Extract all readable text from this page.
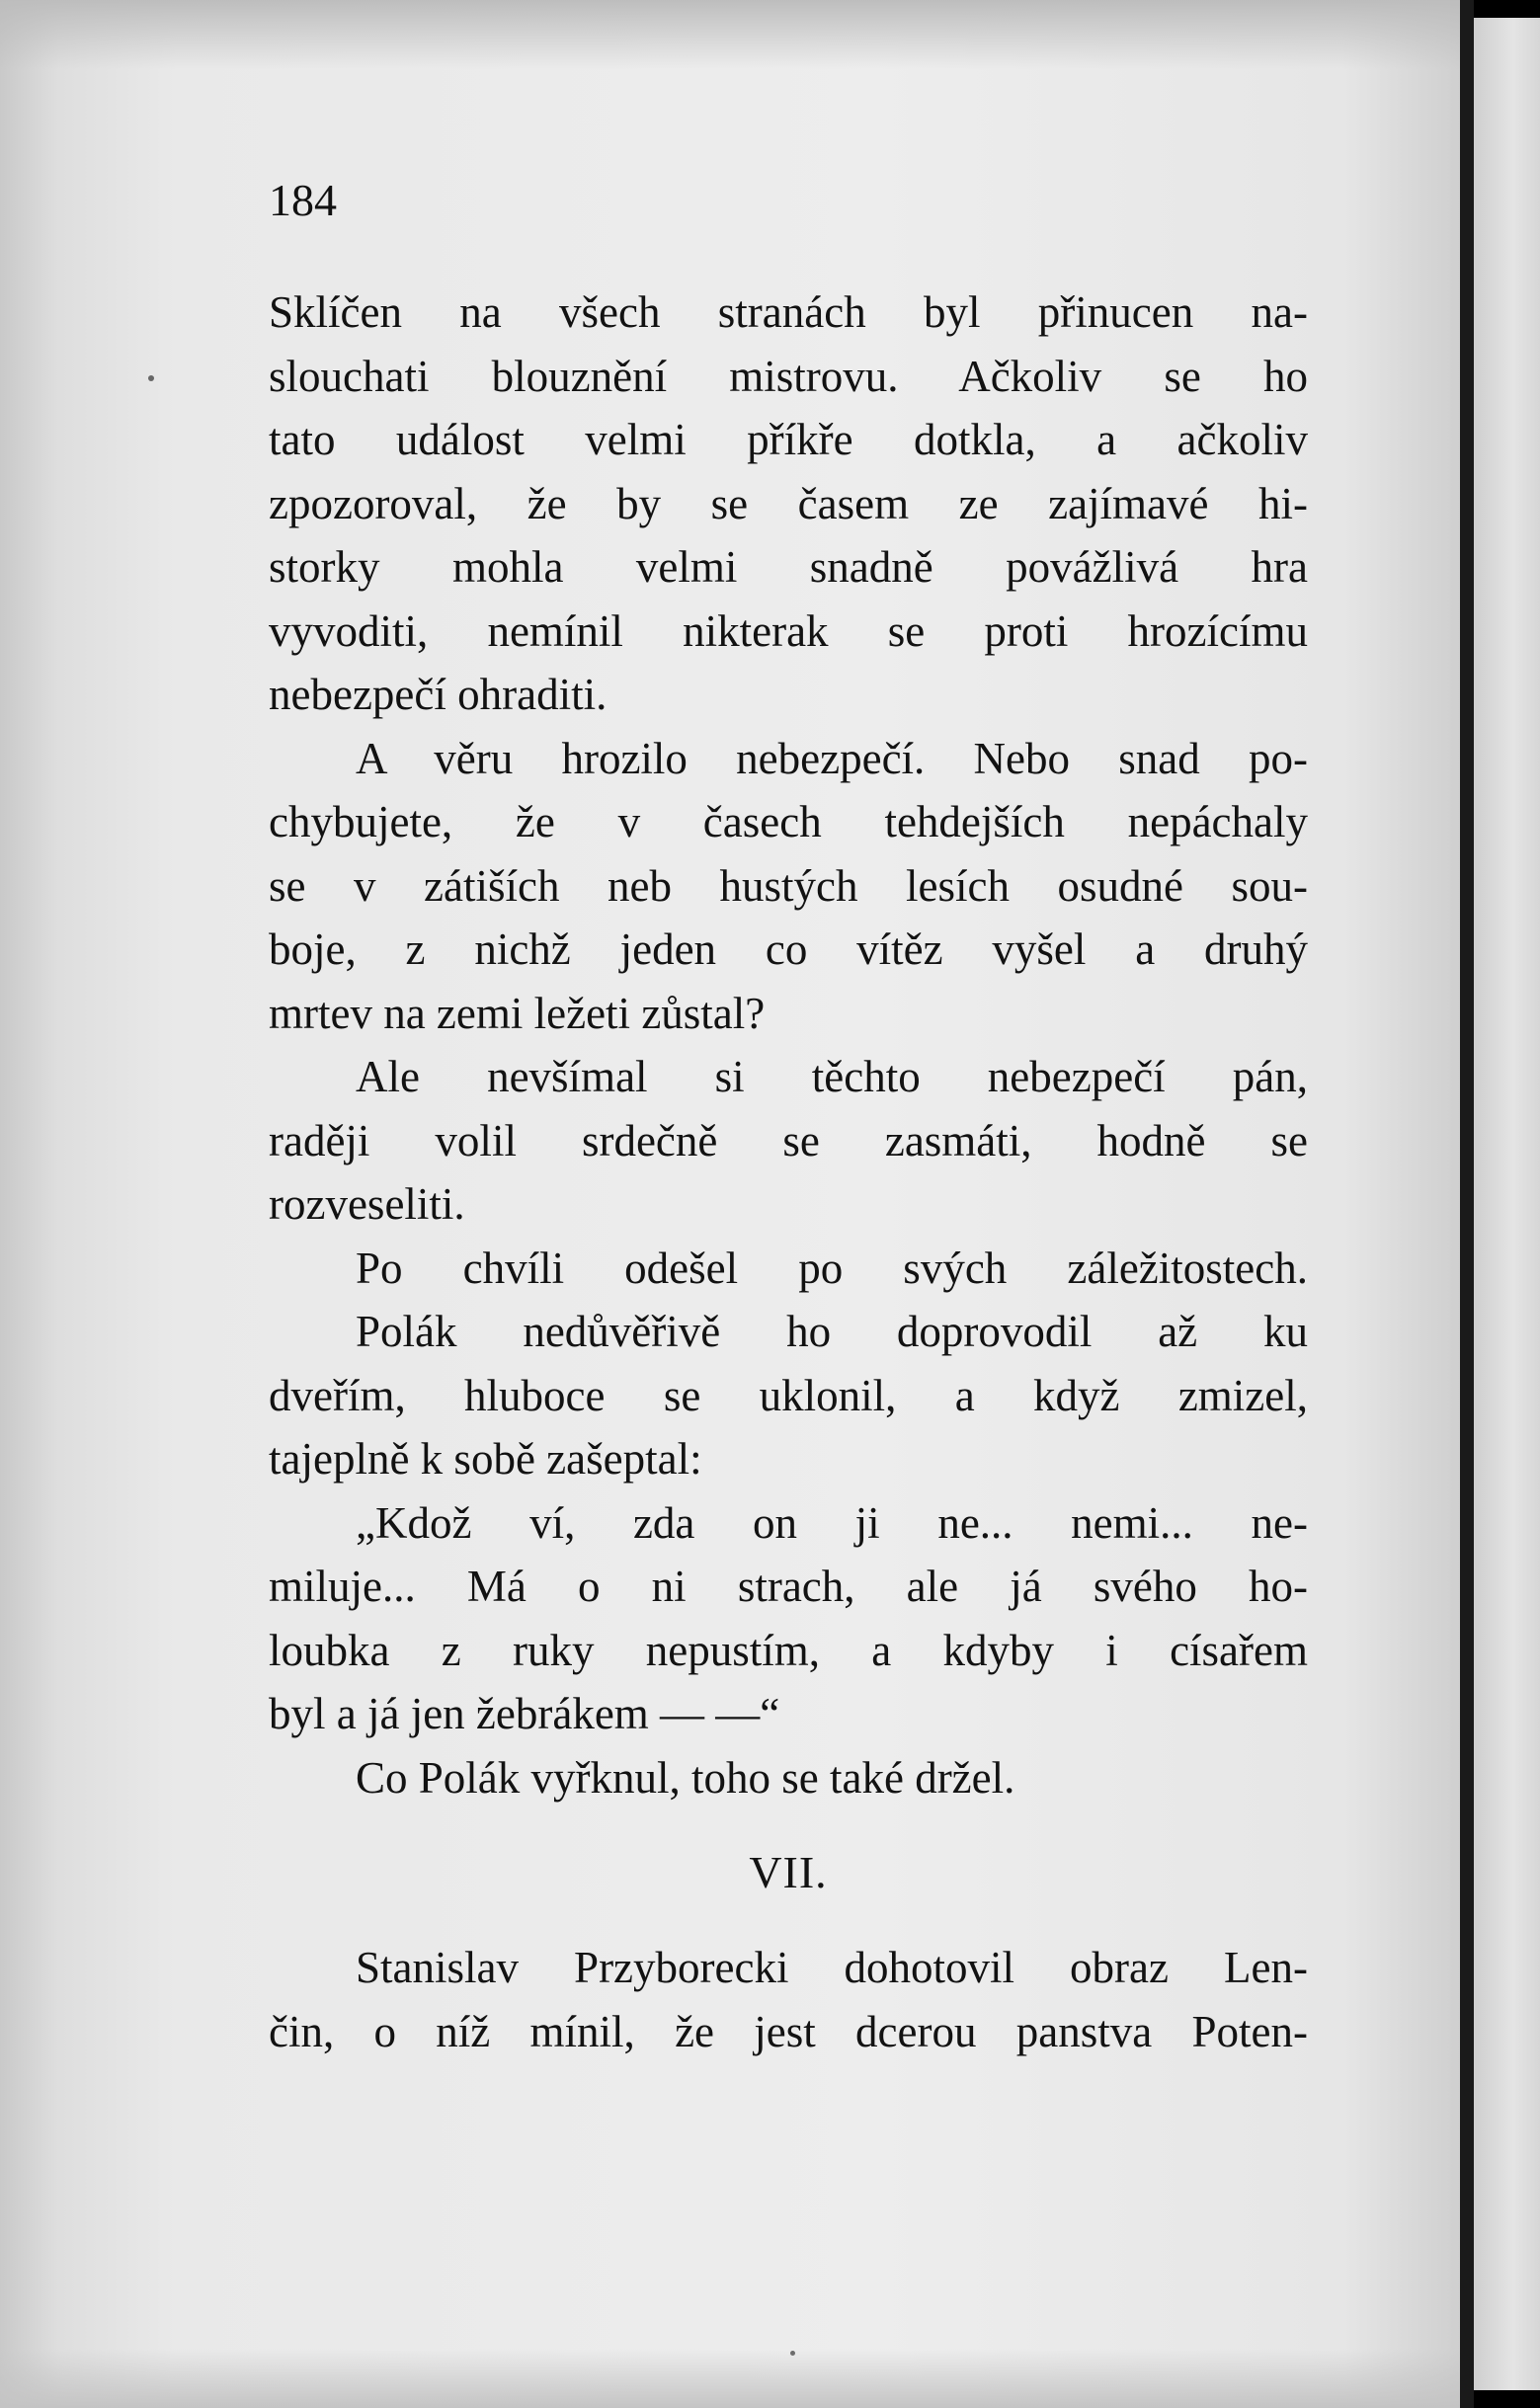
184
Sklíčen na všech stranách byl přinucen na-
slouchati blouznění mistrovu. Ačkoliv se ho
tato událost velmi příkře dotkla, a ačkoliv
zpozoroval, že by se časem ze zajímavé hi-
storky mohla velmi snadně povážlivá hra
vyvoditi, nemínil nikterak se proti hrozícímu
nebezpečí ohraditi.
A věru hrozilo nebezpečí. Nebo snad po-
chybujete, že v časech tehdejších nepáchaly
se v zátiších neb hustých lesích osudné sou-
boje, z nichž jeden co vítěz vyšel a druhý
mrtev na zemi ležeti zůstal?
Ale nevšímal si těchto nebezpečí pán,
raději volil srdečně se zasmáti, hodně se
rozveseliti.
Po chvíli odešel po svých záležitostech.
Polák nedůvěřivě ho doprovodil až ku
dveřím, hluboce se uklonil, a když zmizel,
tajeplně k sobě zašeptal:
„Kdož ví, zda on ji ne... nemi... ne-
miluje... Má o ni strach, ale já svého ho-
loubka z ruky nepustím, a kdyby i císařem
byl a já jen žebrákem — —“
Co Polák vyřknul, toho se také držel.
VII.
Stanislav Przyborecki dohotovil obraz Len-
čin, o níž mínil, že jest dcerou panstva Poten-
